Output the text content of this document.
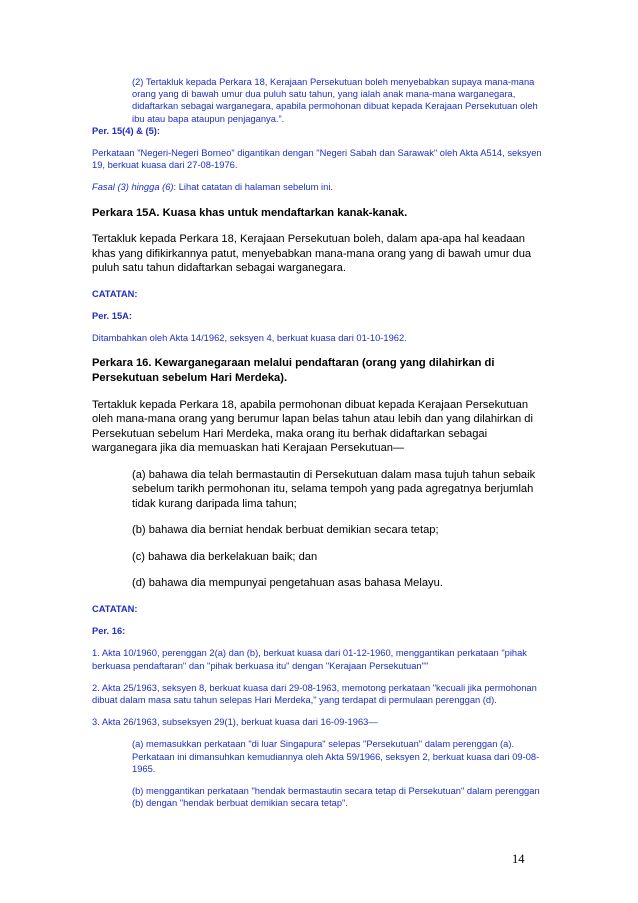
(2) Tertakluk kepada Perkara 18, Kerajaan Persekutuan boleh menyebabkan supaya mana-mana orang yang di bawah umur dua puluh satu tahun, yang ialah anak mana-mana warganegara, didaftarkan sebagai warganegara, apabila permohonan dibuat kepada Kerajaan Persekutuan oleh ibu atau bapa ataupun penjaganya.”.

Per. 15(4) & (5):

Perkataan "Negeri-Negeri Borneo" digantikan dengan "Negeri Sabah dan Sarawak" oleh Akta A514, seksyen 19, berkuat kuasa dari 27-08-1976.

Fasal (3) hingga (6): Lihat catatan di halaman sebelum ini.

Perkara 15A. Kuasa khas untuk mendaftarkan kanak-kanak.

Tertakluk kepada Perkara 18, Kerajaan Persekutuan boleh, dalam apa-apa hal keadaan khas yang difikirkannya patut, menyebabkan mana-mana orang yang di bawah umur dua puluh satu tahun didaftarkan sebagai warganegara.

CATATAN:

Per. 15A:

Ditambahkan oleh Akta 14/1962, seksyen 4, berkuat kuasa dari 01-10-1962.

Perkara 16. Kewarganegaraan melalui pendaftaran (orang yang dilahirkan di Persekutuan sebelum Hari Merdeka).

Tertakluk kepada Perkara 18, apabila permohonan dibuat kepada Kerajaan Persekutuan oleh mana-mana orang yang berumur lapan belas tahun atau lebih dan yang dilahirkan di Persekutuan sebelum Hari Merdeka, maka orang itu berhak didaftarkan sebagai warganegara jika dia memuaskan hati Kerajaan Persekutuan—

(a) bahawa dia telah bermastautin di Persekutuan dalam masa tujuh tahun sebaik sebelum tarikh permohonan itu, selama tempoh yang pada agregatnya berjumlah tidak kurang daripada lima tahun;

(b) bahawa dia berniat hendak berbuat demikian secara tetap;

(c) bahawa dia berkelakuan baik; dan

(d) bahawa dia mempunyai pengetahuan asas bahasa Melayu.

CATATAN:

Per. 16:

1. Akta 10/1960, perenggan 2(a) dan (b), berkuat kuasa dari 01-12-1960, menggantikan perkataan "pihak berkuasa pendaftaran" dan "pihak berkuasa itu" dengan "Kerajaan Persekutuan""

2. Akta 25/1963, seksyen 8, berkuat kuasa dari 29-08-1963, memotong perkataan "kecuali jika permohonan dibuat dalam masa satu tahun selepas Hari Merdeka," yang terdapat di permulaan perenggan (d).

3. Akta 26/1963, subseksyen 29(1), berkuat kuasa dari 16-09-1963—

(a) memasukkan perkataan "di luar Singapura" selepas "Persekutuan" dalam perenggan (a). Perkataan ini dimansuhkan kemudiannya oleh Akta 59/1966, seksyen 2, berkuat kuasa dari 09-08-1965.

(b) menggantikan perkataan "hendak bermastautin secara tetap di Persekutuan" dalam perenggan (b) dengan "hendak berbuat demikian secara tetap".

14
